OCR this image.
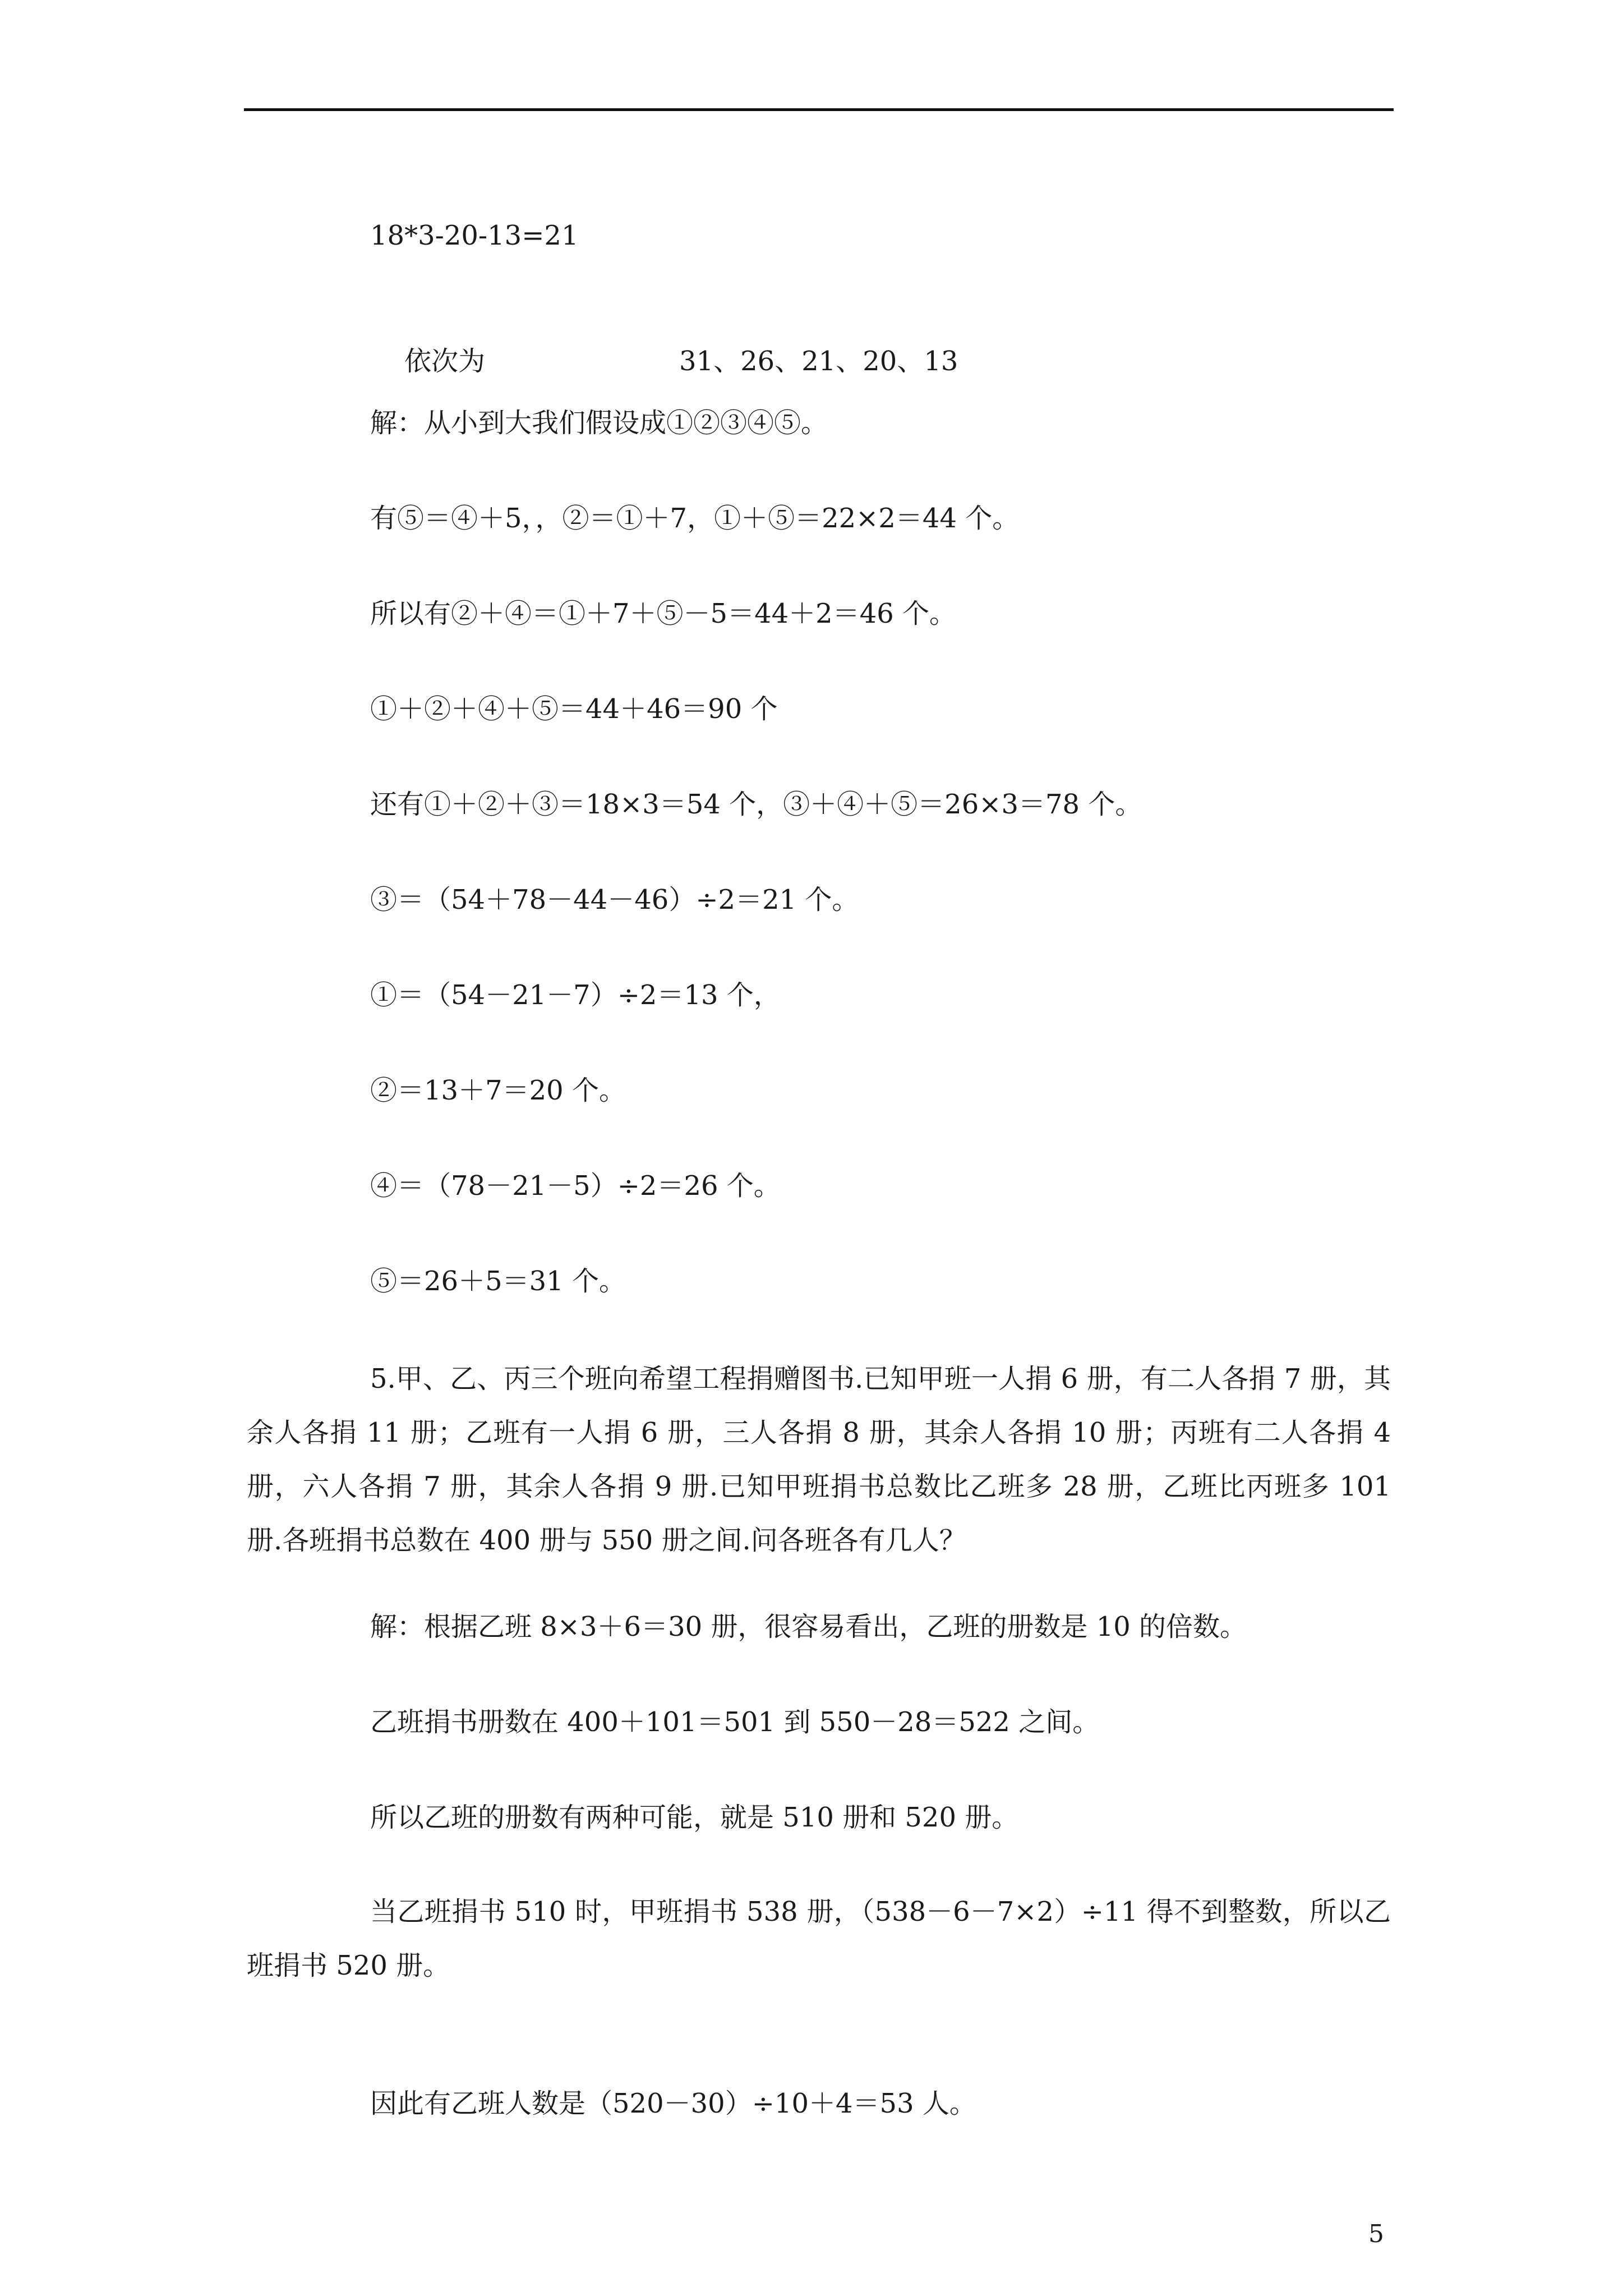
18*3-20-13=21

依次为	31、26、21、20、13

解：从小到大我们假设成①②③④⑤。
有⑤＝④＋5，，②＝①＋7，①＋⑤＝22×2＝44 个。
所以有②＋④＝①＋7＋⑤－5＝44＋2＝46 个。
①＋②＋④＋⑤＝44＋46＝90 个
还有①＋②＋③＝18×3＝54 个，③＋④＋⑤＝26×3＝78 个。
③＝（54＋78－44－46）÷2＝21 个。
①＝（54－21－7）÷2＝13 个，
②＝13＋7＝20 个。
④＝（78－21－5）÷2＝26 个。
⑤＝26＋5＝31 个。
5.甲、乙、丙三个班向希望工程捐赠图书.已知甲班一人捐 6 册，有二人各捐 7 册，其余人各捐 11 册；乙班有一人捐 6 册，三人各捐 8 册，其余人各捐 10 册；丙班有二人各捐 4 册，六人各捐 7 册，其余人各捐 9 册.已知甲班捐书总数比乙班多 28 册，乙班比丙班多 101 册.各班捐书总数在 400 册与 550 册之间.问各班各有几人？
解：根据乙班 8×3＋6＝30 册，很容易看出，乙班的册数是 10 的倍数。
乙班捐书册数在 400＋101＝501 到 550－28＝522 之间。
所以乙班的册数有两种可能，就是 510 册和 520 册。
当乙班捐书 510 时，甲班捐书 538 册，（538－6－7×2）÷11 得不到整数，所以乙班捐书 520 册。
因此有乙班人数是（520－30）÷10＋4＝53 人。
5
